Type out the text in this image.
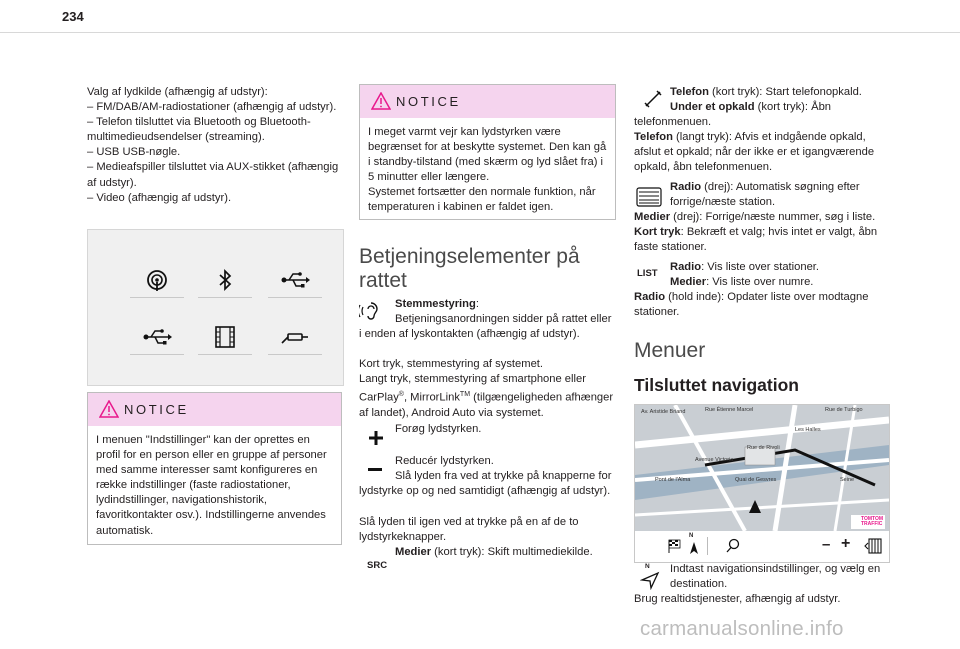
234

Valg af lydkilde (afhængig af udstyr):

– FM/DAB/AM-radiostationer (afhængig af udstyr).

– Telefon tilsluttet via Bluetooth og Bluetooth-multimedieudsendelser (streaming).

– USB USB-nøgle.

– Medieafspiller tilsluttet via AUX-stikket (afhængig af udstyr).

– Video (afhængig af udstyr).

NOTICE

I menuen "Indstillinger" kan der oprettes en profil for en person eller en gruppe af personer med samme interesser samt konfigureres en række indstillinger (faste radiostationer, lydindstillinger, navigationshistorik, favoritkontakter osv.). Indstillingerne anvendes automatisk.

NOTICE

I meget varmt vejr kan lydstyrken være begrænset for at beskytte systemet. Den kan gå i standby-tilstand (med skærm og lyd slået fra) i 5 minutter eller længere.
Systemet fortsætter den normale funktion, når temperaturen i kabinen er faldet igen.

Betjeningselementer på rattet

Stemmestyring:

Betjeningsanordningen sidder på rattet eller i enden af lyskontakten (afhængig af udstyr).

Kort tryk, stemmestyring af systemet.

Langt tryk, stemmestyring af smartphone eller CarPlay®, MirrorLink™ (tilgængeligheden afhænger af landet), Android Auto via systemet.

Forøg lydstyrken.

Reducér lydstyrken.

Slå lyden fra ved at trykke på knapperne for lydstyrke op og ned samtidigt (afhængig af udstyr).

Slå lyden til igen ved at trykke på en af de to lydstyrkeknapper.

SRC

Medier (kort tryk): Skift multimediekilde.

Telefon (kort tryk): Start telefonopkald.

Under et opkald (kort tryk): Åbn telefonmenuen.

Telefon (langt tryk): Afvis et indgående opkald, afslut et opkald; når der ikke er et igangværende opkald, åbn telefonmenuen.

Radio (drej): Automatisk søgning efter forrige/næste station.

Medier (drej): Forrige/næste nummer, søg i liste.

Kort tryk: Bekræft et valg; hvis intet er valgt, åbn faste stationer.

LIST

Radio: Vis liste over stationer.

Medier: Vis liste over numre.

Radio (hold inde): Opdater liste over modtagne stationer.

Menuer

Tilsluttet navigation

Av. Aristide Briand	Rue Étienne Marcel	Rue de Turbigo
Les Halles
Avenue Victoria
Rue de Rivoli
Pont de l'Alma	Quai de Gesvres	Seine
TOMTOM
TRAFFIC
N	– +
N Indtast navigationsindstillinger, og vælg en destination.

Brug realtidstjenester, afhængig af udstyr.

carmanualsonline.info
